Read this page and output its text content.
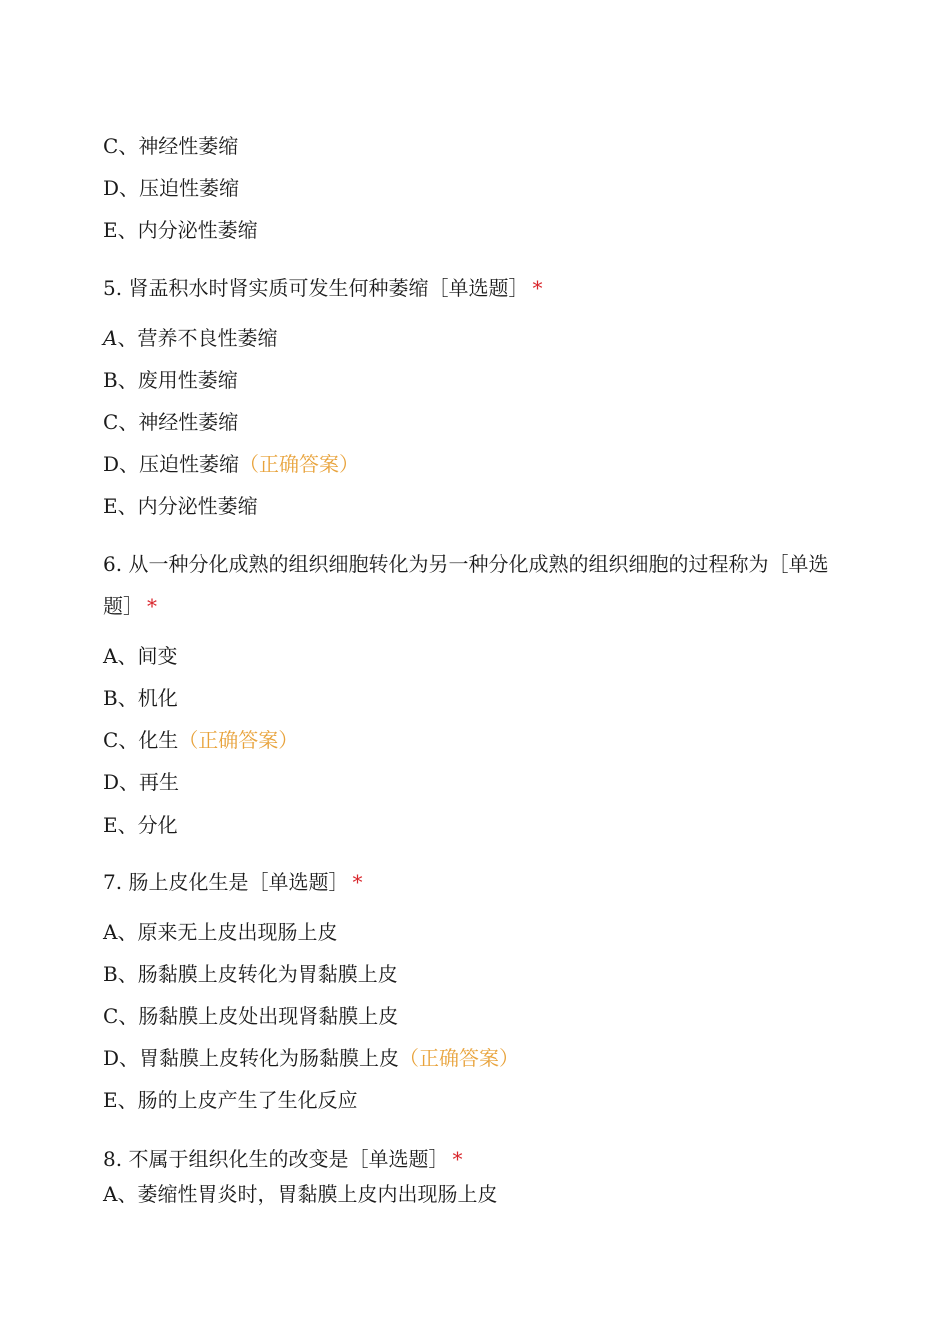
C、神经性萎缩
D、压迫性萎缩
E、内分泌性萎缩
5. 肾盂积水时肾实质可发生何种萎缩［单选题］ *
A、营养不良性萎缩
B、废用性萎缩
C、神经性萎缩
D、压迫性萎缩（正确答案）
E、内分泌性萎缩
6. 从一种分化成熟的组织细胞转化为另一种分化成熟的组织细胞的过程称为［单选题］ *
A、间变
B、机化
C、化生（正确答案）
D、再生
E、分化
7. 肠上皮化生是［单选题］ *
A、原来无上皮出现肠上皮
B、肠黏膜上皮转化为胃黏膜上皮
C、肠黏膜上皮处出现肾黏膜上皮
D、胃黏膜上皮转化为肠黏膜上皮（正确答案）
E、肠的上皮产生了生化反应
8. 不属于组织化生的改变是［单选题］ *
A、萎缩性胃炎时，胃黏膜上皮内出现肠上皮
